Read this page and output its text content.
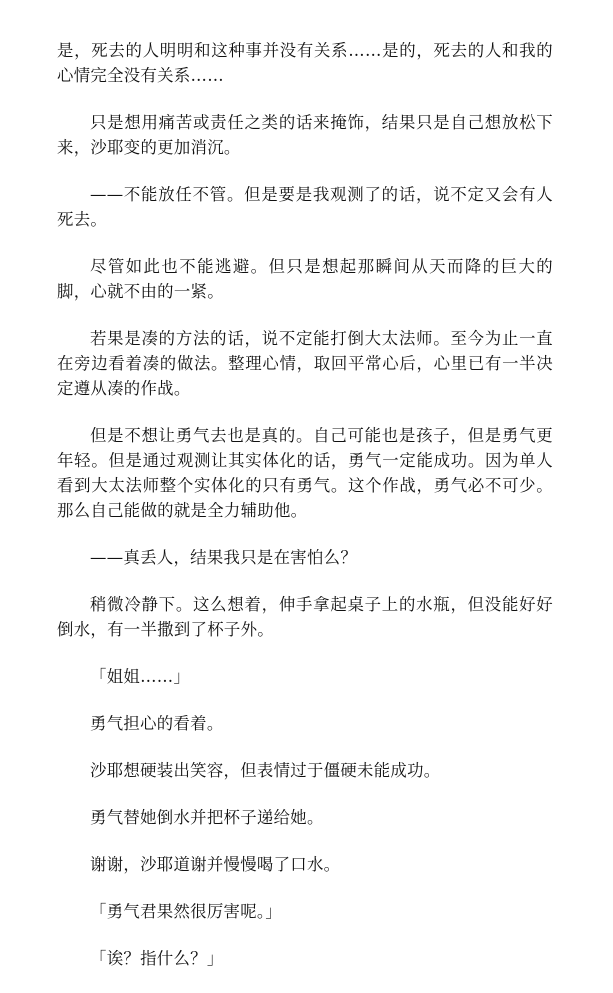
是，死去的人明明和这种事并没有关系……是的，死去的人和我的心情完全没有关系……

只是想用痛苦或责任之类的话来掩饰，结果只是自己想放松下来，沙耶变的更加消沉。

——不能放任不管。但是要是我观测了的话，说不定又会有人死去。

尽管如此也不能逃避。但只是想起那瞬间从天而降的巨大的脚，心就不由的一紧。

若果是凑的方法的话，说不定能打倒大太法师。至今为止一直在旁边看着凑的做法。整理心情，取回平常心后，心里已有一半决定遵从凑的作战。

但是不想让勇气去也是真的。自己可能也是孩子，但是勇气更年轻。但是通过观测让其实体化的话，勇气一定能成功。因为单人看到大太法师整个实体化的只有勇气。这个作战，勇气必不可少。那么自己能做的就是全力辅助他。

——真丢人，结果我只是在害怕么？

稍微冷静下。这么想着，伸手拿起桌子上的水瓶，但没能好好倒水，有一半撒到了杯子外。

「姐姐……」

勇气担心的看着。

沙耶想硬装出笑容，但表情过于僵硬未能成功。

勇气替她倒水并把杯子递给她。

谢谢，沙耶道谢并慢慢喝了口水。

「勇气君果然很厉害呢。」

「诶？指什么？」
